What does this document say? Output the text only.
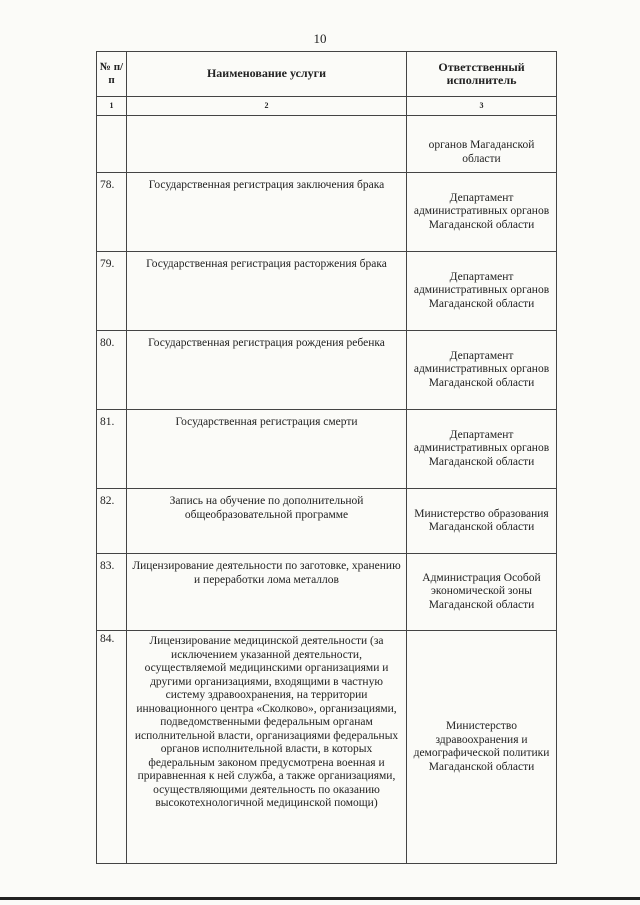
10
№ п/п	Наименование услуги	Ответственный исполнитель
1	2	3
		органов Магаданской области
78.	Государственная регистрация заключения брака	Департамент административных органов Магаданской области
79.	Государственная регистрация расторжения брака	Департамент административных органов Магаданской области
80.	Государственная регистрация рождения ребенка	Департамент административных органов Магаданской области
81.	Государственная регистрация смерти	Департамент административных органов Магаданской области
82.	Запись на обучение по дополнительной общеобразовательной программе	Министерство образования Магаданской области
83.	Лицензирование деятельности по заготовке, хранению и переработки лома металлов	Администрация Особой экономической зоны Магаданской области
84.	Лицензирование медицинской деятельности (за исключением указанной деятельности, осуществляемой медицинскими организациями и другими организациями, входящими в частную систему здравоохранения, на территории инновационного центра «Сколково», организациями, подведомственными федеральным органам исполнительной власти, организациями федеральных органов исполнительной власти, в которых федеральным законом предусмотрена военная и приравненная к ней служба, а также организациями, осуществляющими деятельность по оказанию высокотехнологичной медицинской помощи)	Министерство здравоохранения и демографической политики Магаданской области
